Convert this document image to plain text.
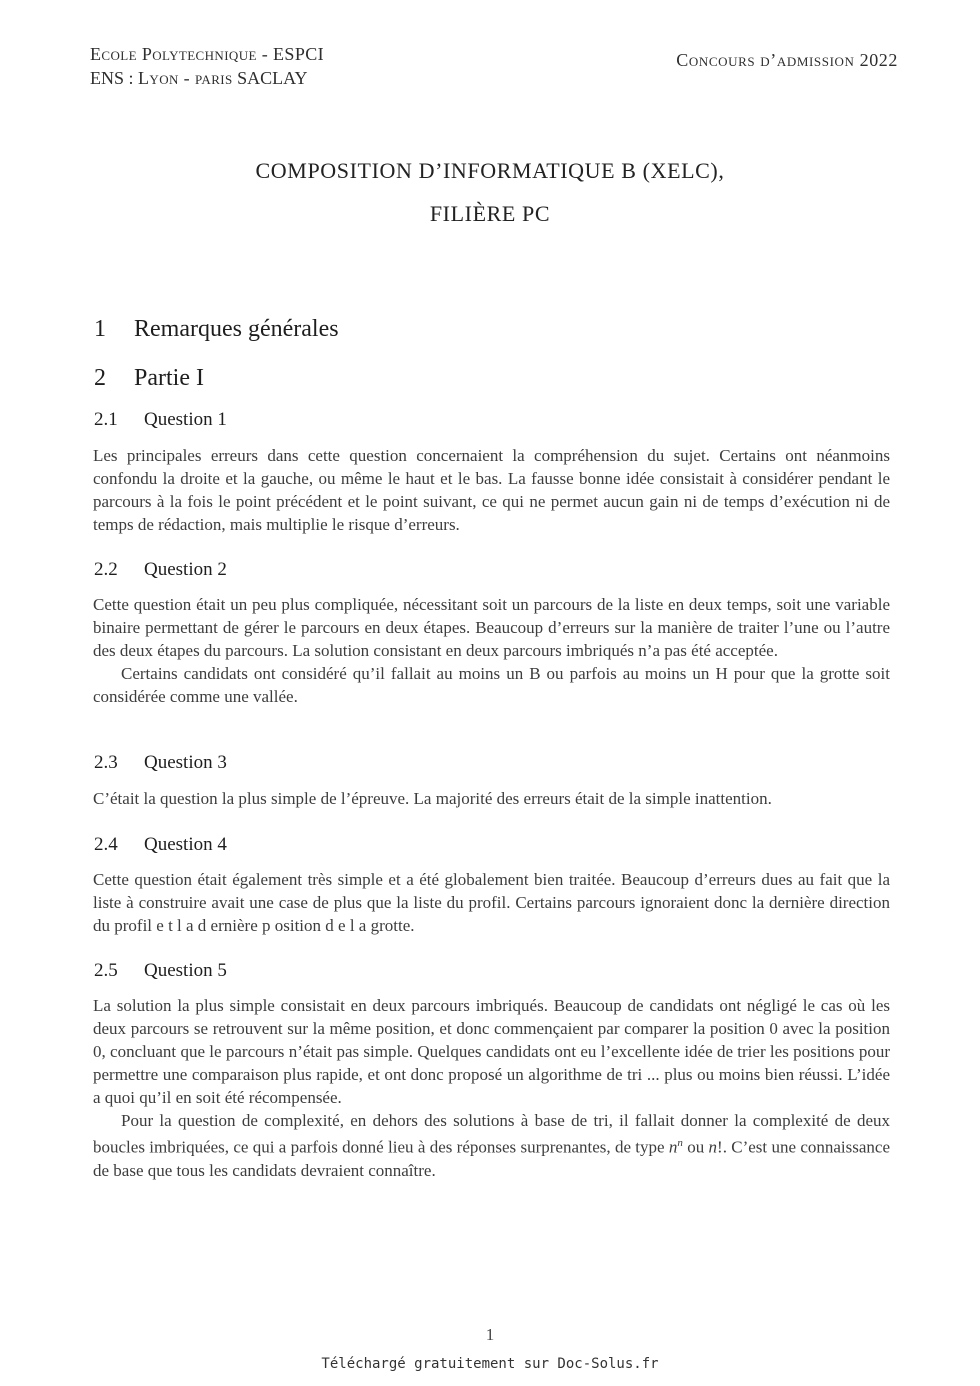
Ecole Polytechnique - ESPCI
ENS : Lyon - paris SACLAY
Concours d’admission 2022
COMPOSITION D’INFORMATIQUE B (XELC),
FILIÈRE PC
1 Remarques générales
2 Partie I
2.1 Question 1

Les principales erreurs dans cette question concernaient la compréhension du sujet. Certains ont néanmoins confondu la droite et la gauche, ou même le haut et le bas. La fausse bonne idée consistait à considérer pendant le parcours à la fois le point précédent et le point suivant, ce qui ne permet aucun gain ni de temps d’exécution ni de temps de rédaction, mais multiplie le risque d’erreurs.

2.2 Question 2

Cette question était un peu plus compliquée, nécessitant soit un parcours de la liste en deux temps, soit une variable binaire permettant de gérer le parcours en deux étapes. Beaucoup d’erreurs sur la manière de traiter l’une ou l’autre des deux étapes du parcours. La solution consistant en deux parcours imbriqués n’a pas été acceptée.

Certains candidats ont considéré qu’il fallait au moins un B ou parfois au moins un H pour que la grotte soit considérée comme une vallée.

2.3 Question 3

C’était la question la plus simple de l’épreuve. La majorité des erreurs était de la simple inattention.

2.4 Question 4

Cette question était également très simple et a été globalement bien traitée. Beaucoup d’erreurs dues au fait que la liste à construire avait une case de plus que la liste du profil. Certains parcours ignoraient donc la dernière direction du profil e t l a d ernière p osition d e l a grotte.

2.5 Question 5

La solution la plus simple consistait en deux parcours imbriqués. Beaucoup de candidats ont négligé le cas où les deux parcours se retrouvent sur la même position, et donc commençaient par comparer la position 0 avec la position 0, concluant que le parcours n’était pas simple. Quelques candidats ont eu l’excellente idée de trier les positions pour permettre une comparaison plus rapide, et ont donc proposé un algorithme de tri ... plus ou moins bien réussi. L’idée a quoi qu’il en soit été récompensée.

Pour la question de complexité, en dehors des solutions à base de tri, il fallait donner la complexité de deux boucles imbriquées, ce qui a parfois donné lieu à des réponses surprenantes, de type $n^n$ ou n!. C’est une connaissance de base que tous les candidats devraient connaître.

1
Téléchargé gratuitement sur Doc-Solus.fr
